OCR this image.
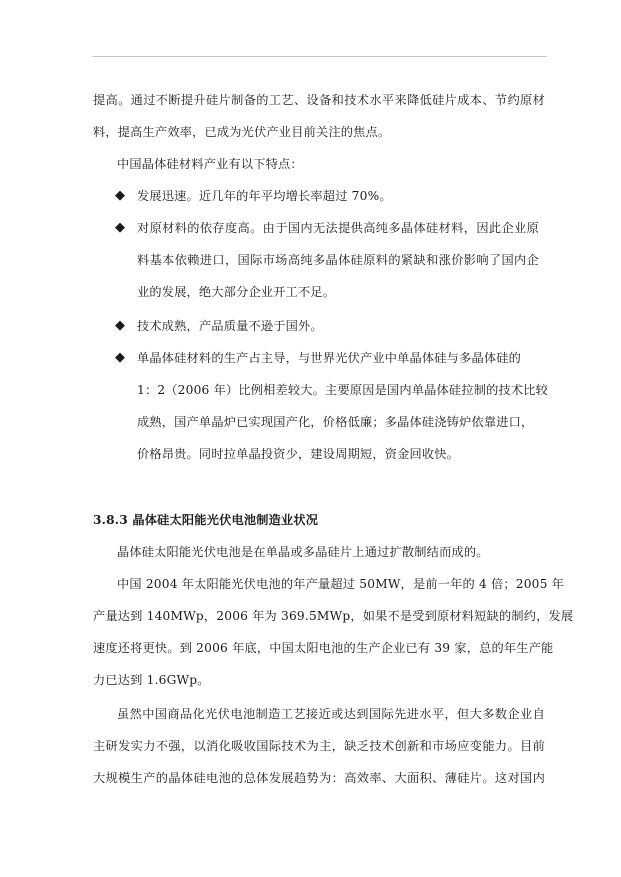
提高。通过不断提升硅片制备的工艺、设备和技术水平来降低硅片成本、节约原材
料，提高生产效率，已成为光伏产业目前关注的焦点。
中国晶体硅材料产业有以下特点：
◆ 发展迅速。近几年的年平均增长率超过 70%。
◆ 对原材料的依存度高。由于国内无法提供高纯多晶体硅材料，因此企业原
料基本依赖进口，国际市场高纯多晶体硅原料的紧缺和涨价影响了国内企
业的发展，绝大部分企业开工不足。
◆ 技术成熟，产品质量不逊于国外。
◆ 单晶体硅材料的生产占主导，与世界光伏产业中单晶体硅与多晶体硅的
1：2（2006 年）比例相差较大。主要原因是国内单晶体硅拉制的技术比较
成熟，国产单晶炉已实现国产化，价格低廉；多晶体硅浇铸炉依靠进口，
价格昂贵。同时拉单晶投资少，建设周期短，资金回收快。
3.8.3 晶体硅太阳能光伏电池制造业状况
晶体硅太阳能光伏电池是在单晶或多晶硅片上通过扩散制结而成的。
中国 2004 年太阳能光伏电池的年产量超过 50MW，是前一年的 4 倍；2005 年
产量达到 140MWp，2006 年为 369.5MWp，如果不是受到原材料短缺的制约，发展
速度还将更快。到 2006 年底，中国太阳电池的生产企业已有 39 家，总的年生产能
力已达到 1.6GWp。
虽然中国商品化光伏电池制造工艺接近或达到国际先进水平，但大多数企业自
主研发实力不强，以消化吸收国际技术为主，缺乏技术创新和市场应变能力。目前
大规模生产的晶体硅电池的总体发展趋势为：高效率、大面积、薄硅片。这对国内
